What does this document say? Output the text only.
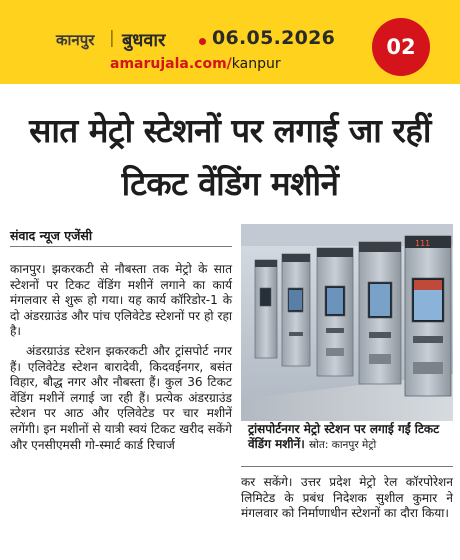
कानपुर | बुधवार 06.05.2026
amarujala.com/kanpur
02
सात मेट्रो स्टेशनों पर लगाई जा रहीं टिकट वेंडिंग मशीनें
संवाद न्यूज एजेंसी

कानपुर। झकरकटी से नौबस्ता तक मेट्रो के सात स्टेशनों पर टिकट वेंडिंग मशीनें लगाने का कार्य मंगलवार से शुरू हो गया। यह कार्य कॉरिडोर-1 के दो अंडरग्राउंड और पांच एलिवेटेड स्टेशनों पर हो रहा है।

अंडरग्राउंड स्टेशन झकरकटी और ट्रांसपोर्ट नगर हैं। एलिवेटेड स्टेशन बारादेवी, किदवईनगर, बसंत विहार, बौद्ध नगर और नौबस्ता हैं। कुल 36 टिकट वेंडिंग मशीनें लगाई जा रही हैं। प्रत्येक अंडरग्राउंड स्टेशन पर आठ और एलिवेटेड पर चार मशीनें लगेंगी। इन मशीनों से यात्री स्वयं टिकट खरीद सकेंगे और एनसीएमसी गो-स्मार्ट कार्ड रिचार्ज

111
ट्रांसपोर्टनगर मेट्रो स्टेशन पर लगाई गईं टिकट वेंडिंग मशीनें। स्रोत: कानपुर मेट्रो

कर सकेंगे। उत्तर प्रदेश मेट्रो रेल कॉरपोरेशन लिमिटेड के प्रबंध निदेशक सुशील कुमार ने मंगलवार को निर्माणाधीन स्टेशनों का दौरा किया।
